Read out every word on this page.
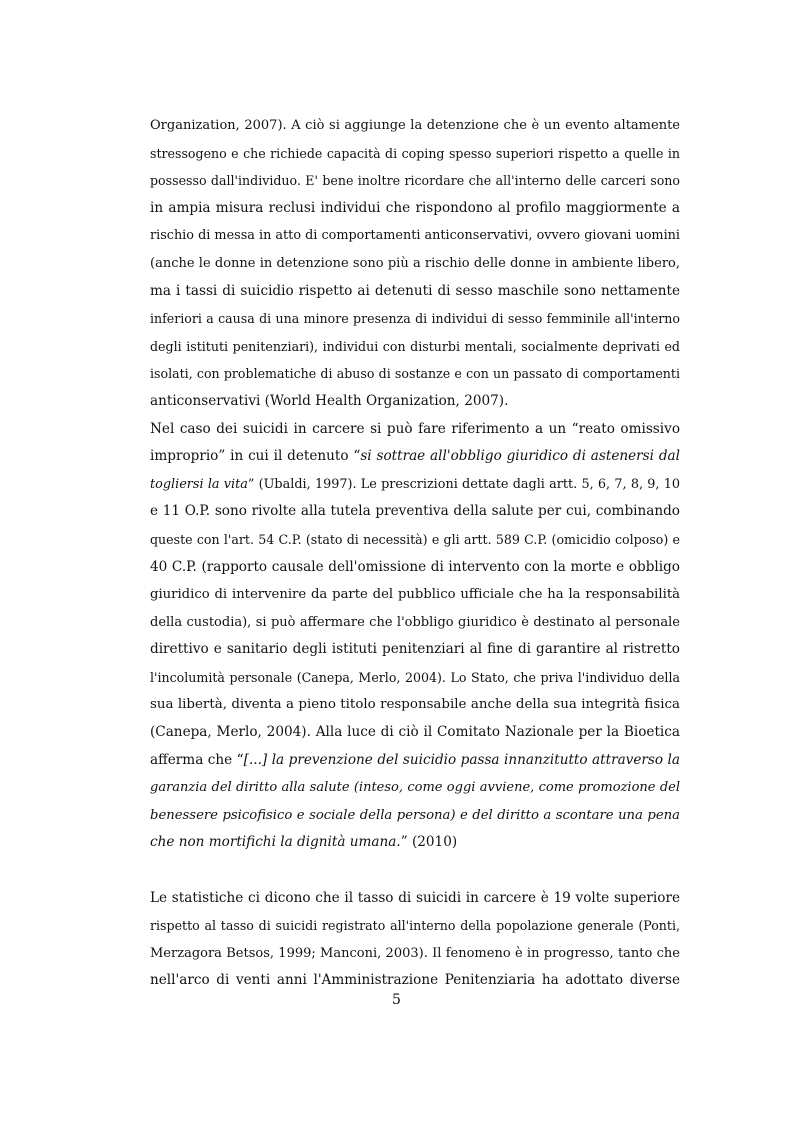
Organization, 2007). A ciò si aggiunge la detenzione che è un evento altamente
stressogeno e che richiede capacità di coping spesso superiori rispetto a quelle in
possesso dall'individuo. E' bene inoltre ricordare che all'interno delle carceri sono
in ampia misura reclusi individui che rispondono al profilo maggiormente a
rischio di messa in atto di comportamenti anticonservativi, ovvero giovani uomini
(anche le donne in detenzione sono più a rischio delle donne in ambiente libero,
ma i tassi di suicidio rispetto ai detenuti di sesso maschile sono nettamente
inferiori a causa di una minore presenza di individui di sesso femminile all'interno
degli istituti penitenziari), individui con disturbi mentali, socialmente deprivati ed
isolati, con problematiche di abuso di sostanze e con un passato di comportamenti
anticonservativi (World Health Organization, 2007).
Nel caso dei suicidi in carcere si può fare riferimento a un “reato omissivo
improprio” in cui il detenuto “si sottrae all'obbligo giuridico di astenersi dal
togliersi la vita” (Ubaldi, 1997). Le prescrizioni dettate dagli artt. 5, 6, 7, 8, 9, 10
e 11 O.P. sono rivolte alla tutela preventiva della salute per cui, combinando
queste con l'art. 54 C.P. (stato di necessità) e gli artt. 589 C.P. (omicidio colposo) e
40 C.P. (rapporto causale dell'omissione di intervento con la morte e obbligo
giuridico di intervenire da parte del pubblico ufficiale che ha la responsabilità
della custodia), si può affermare che l'obbligo giuridico è destinato al personale
direttivo e sanitario degli istituti penitenziari al fine di garantire al ristretto
l'incolumità personale (Canepa, Merlo, 2004). Lo Stato, che priva l'individuo della
sua libertà, diventa a pieno titolo responsabile anche della sua integrità fisica
(Canepa, Merlo, 2004). Alla luce di ciò il Comitato Nazionale per la Bioetica
afferma che “[...] la prevenzione del suicidio passa innanzitutto attraverso la
garanzia del diritto alla salute (inteso, come oggi avviene, come promozione del
benessere psicofisico e sociale della persona) e del diritto a scontare una pena
che non mortifichi la dignità umana.” (2010)
Le statistiche ci dicono che il tasso di suicidi in carcere è 19 volte superiore
rispetto al tasso di suicidi registrato all'interno della popolazione generale (Ponti,
Merzagora Betsos, 1999; Manconi, 2003). Il fenomeno è in progresso, tanto che
nell'arco di venti anni l'Amministrazione Penitenziaria ha adottato diverse
5
